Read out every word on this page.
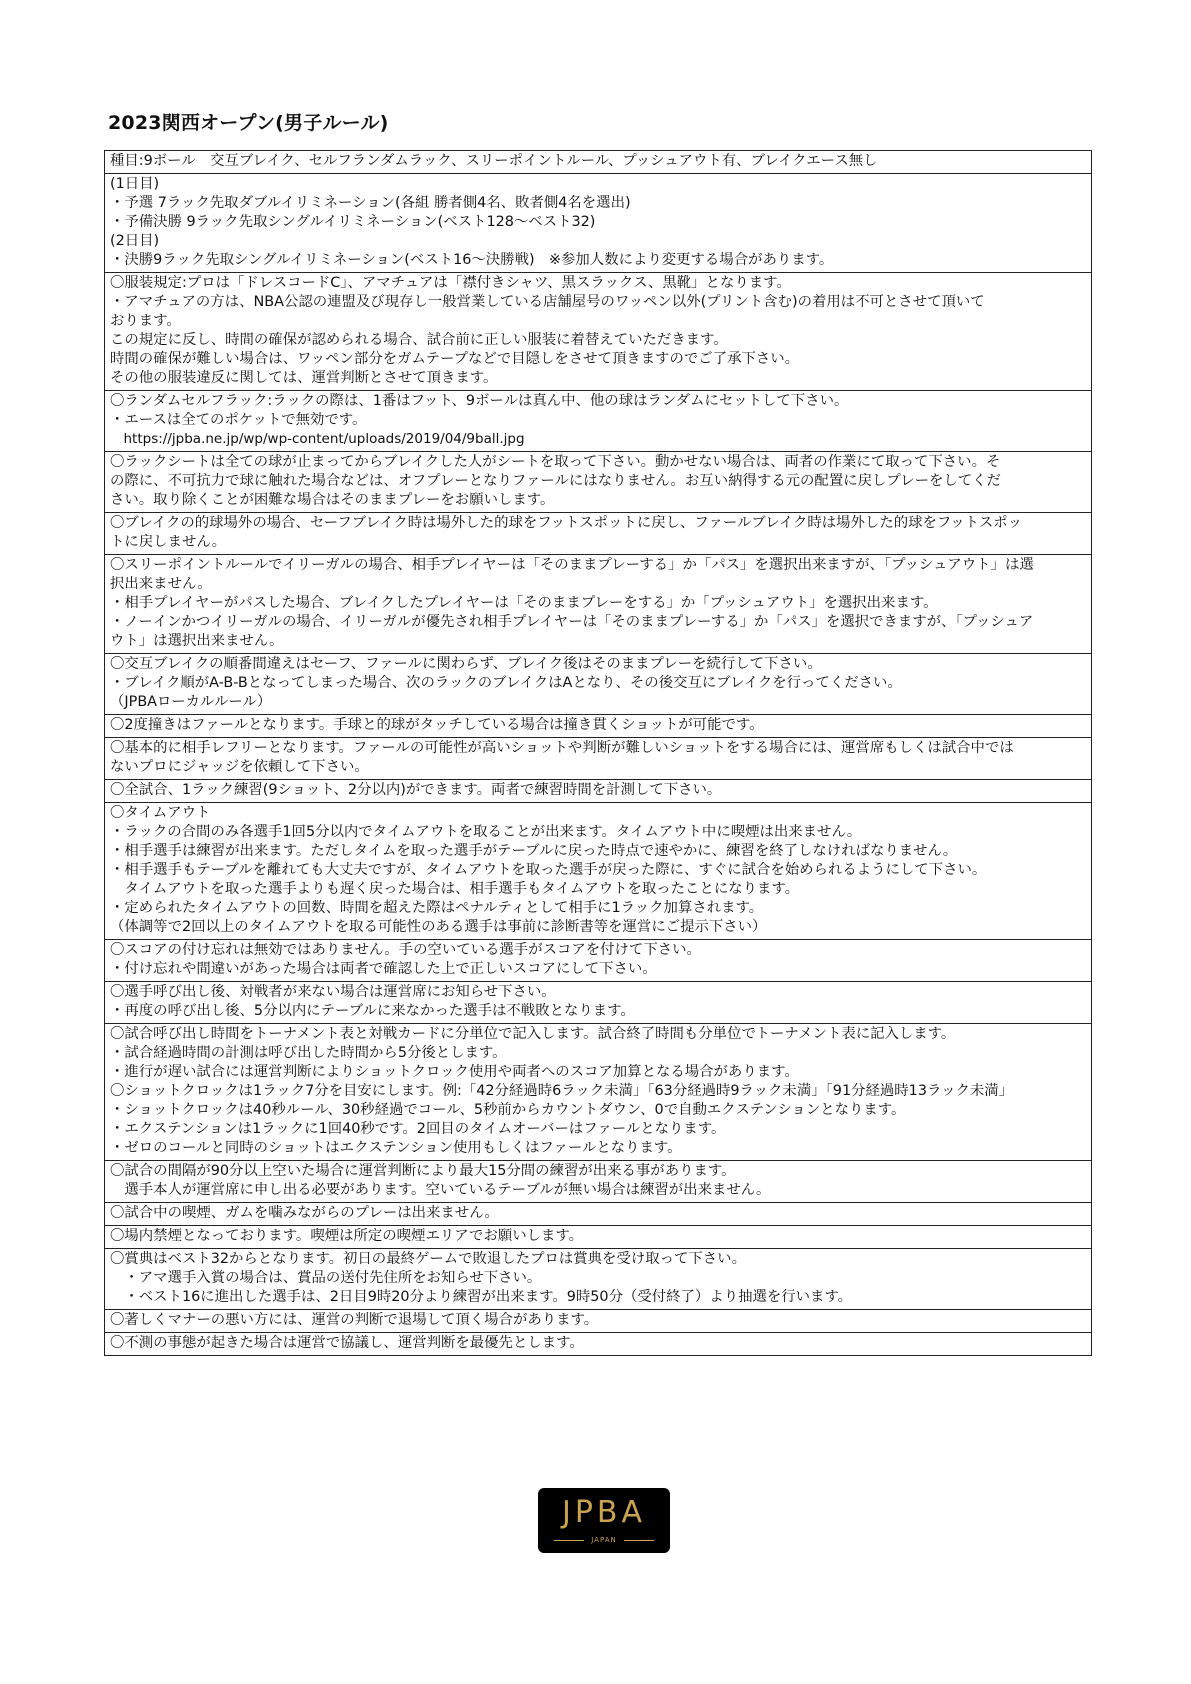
2023関西オープン(男子ルール)
種目:9ボール　交互ブレイク、セルフランダムラック、スリーポイントルール、プッシュアウト有、ブレイクエース無し
(1日目)
・予選 7ラック先取ダブルイリミネーション(各組 勝者側4名、敗者側4名を選出)
・予備決勝 9ラック先取シングルイリミネーション(ベスト128～ベスト32)
(2日目)
・決勝9ラック先取シングルイリミネーション(ベスト16～決勝戦)　※参加人数により変更する場合があります。
〇服装規定:プロは「ドレスコードC」、アマチュアは「襟付きシャツ、黒スラックス、黒靴」となります。
・アマチュアの方は、NBA公認の連盟及び現存し一般営業している店舗屋号のワッペン以外(プリント含む)の着用は不可とさせて頂いて
おります。
この規定に反し、時間の確保が認められる場合、試合前に正しい服装に着替えていただきます。
時間の確保が難しい場合は、ワッペン部分をガムテープなどで目隠しをさせて頂きますのでご了承下さい。
その他の服装違反に関しては、運営判断とさせて頂きます。
〇ランダムセルフラック:ラックの際は、1番はフット、9ボールは真ん中、他の球はランダムにセットして下さい。
・エースは全てのポケットで無効です。
　https://jpba.ne.jp/wp/wp-content/uploads/2019/04/9ball.jpg
〇ラックシートは全ての球が止まってからブレイクした人がシートを取って下さい。動かせない場合は、両者の作業にて取って下さい。そ
の際に、不可抗力で球に触れた場合などは、オフプレーとなりファールにはなりません。お互い納得する元の配置に戻しプレーをしてくだ
さい。取り除くことが困難な場合はそのままプレーをお願いします。
〇ブレイクの的球場外の場合、セーフブレイク時は場外した的球をフットスポットに戻し、ファールブレイク時は場外した的球をフットスポッ
トに戻しません。
〇スリーポイントルールでイリーガルの場合、相手プレイヤーは「そのままプレーする」か「パス」を選択出来ますが、「プッシュアウト」は選
択出来ません。
・相手プレイヤーがパスした場合、ブレイクしたプレイヤーは「そのままプレーをする」か「プッシュアウト」を選択出来ます。
・ノーインかつイリーガルの場合、イリーガルが優先され相手プレイヤーは「そのままプレーする」か「パス」を選択できますが、「プッシュア
ウト」は選択出来ません。
〇交互ブレイクの順番間違えはセーフ、ファールに関わらず、ブレイク後はそのままプレーを続行して下さい。
・ブレイク順がA-B-Bとなってしまった場合、次のラックのブレイクはAとなり、その後交互にブレイクを行ってください。
（JPBAローカルルール）
〇2度撞きはファールとなります。手球と的球がタッチしている場合は撞き貫くショットが可能です。
〇基本的に相手レフリーとなります。ファールの可能性が高いショットや判断が難しいショットをする場合には、運営席もしくは試合中では
ないプロにジャッジを依頼して下さい。
〇全試合、1ラック練習(9ショット、2分以内)ができます。両者で練習時間を計測して下さい。
〇タイムアウト
・ラックの合間のみ各選手1回5分以内でタイムアウトを取ることが出来ます。タイムアウト中に喫煙は出来ません。
・相手選手は練習が出来ます。ただしタイムを取った選手がテーブルに戻った時点で速やかに、練習を終了しなければなりません。
・相手選手もテーブルを離れても大丈夫ですが、タイムアウトを取った選手が戻った際に、すぐに試合を始められるようにして下さい。
　タイムアウトを取った選手よりも遅く戻った場合は、相手選手もタイムアウトを取ったことになります。
・定められたタイムアウトの回数、時間を超えた際はペナルティとして相手に1ラック加算されます。
（体調等で2回以上のタイムアウトを取る可能性のある選手は事前に診断書等を運営にご提示下さい）
〇スコアの付け忘れは無効ではありません。手の空いている選手がスコアを付けて下さい。
・付け忘れや間違いがあった場合は両者で確認した上で正しいスコアにして下さい。
〇選手呼び出し後、対戦者が来ない場合は運営席にお知らせ下さい。
・再度の呼び出し後、5分以内にテーブルに来なかった選手は不戦敗となります。
〇試合呼び出し時間をトーナメント表と対戦カードに分単位で記入します。試合終了時間も分単位でトーナメント表に記入します。
・試合経過時間の計測は呼び出した時間から5分後とします。
・進行が遅い試合には運営判断によりショットクロック使用や両者へのスコア加算となる場合があります。
〇ショットクロックは1ラック7分を目安にします。例:「42分経過時6ラック未満」「63分経過時9ラック未満」「91分経過時13ラック未満」
・ショットクロックは40秒ルール、30秒経過でコール、5秒前からカウントダウン、0で自動エクステンションとなります。
・エクステンションは1ラックに1回40秒です。2回目のタイムオーバーはファールとなります。
・ゼロのコールと同時のショットはエクステンション使用もしくはファールとなります。
〇試合の間隔が90分以上空いた場合に運営判断により最大15分間の練習が出来る事があります。
　選手本人が運営席に申し出る必要があります。空いているテーブルが無い場合は練習が出来ません。
〇試合中の喫煙、ガムを噛みながらのプレーは出来ません。
〇場内禁煙となっております。喫煙は所定の喫煙エリアでお願いします。
〇賞典はベスト32からとなります。初日の最終ゲームで敗退したプロは賞典を受け取って下さい。
　・アマ選手入賞の場合は、賞品の送付先住所をお知らせ下さい。
　・ベスト16に進出した選手は、2日目9時20分より練習が出来ます。9時50分（受付終了）より抽選を行います。
〇著しくマナーの悪い方には、運営の判断で退場して頂く場合があります。
〇不測の事態が起きた場合は運営で協議し、運営判断を最優先とします。
JPBA
JAPAN
